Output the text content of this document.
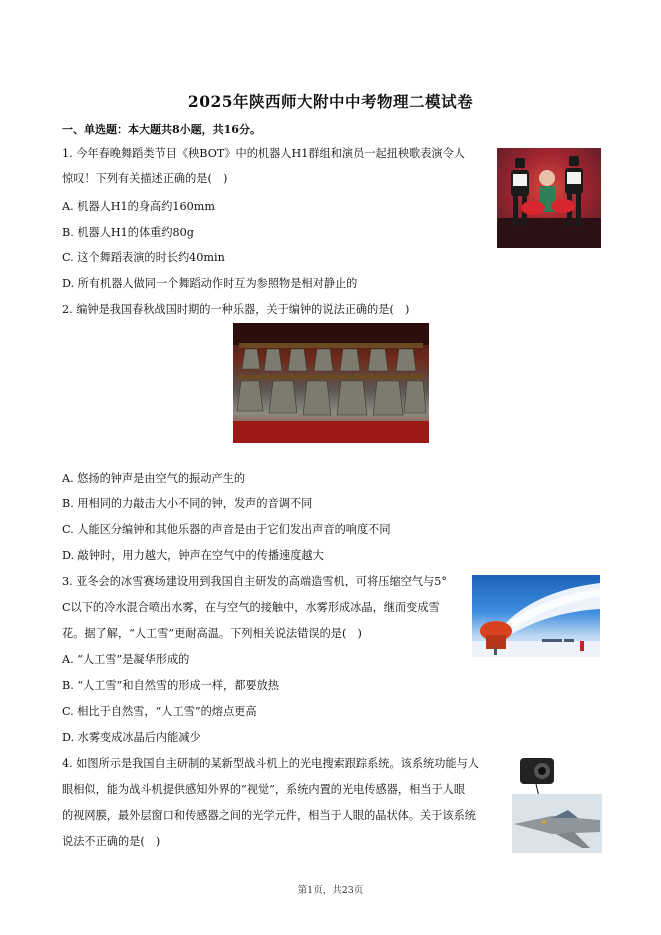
2025年陕西师大附中中考物理二模试卷
一、单选题：本大题共8小题，共16分。
1. 今年春晚舞蹈类节目《秧BOT》中的机器人H1群组和演员一起扭秧歌表演令人
惊叹！下列有关描述正确的是(　)
A. 机器人H1的身高约160mm
B. 机器人H1的体重约80g
C. 这个舞蹈表演的时长约40min
D. 所有机器人做同一个舞蹈动作时互为参照物是相对静止的
2. 编钟是我国春秋战国时期的一种乐器，关于编钟的说法正确的是(　)
A. 悠扬的钟声是由空气的振动产生的
B. 用相同的力敲击大小不同的钟，发声的音调不同
C. 人能区分编钟和其他乐器的声音是由于它们发出声音的响度不同
D. 敲钟时，用力越大，钟声在空气中的传播速度越大
3. 亚冬会的冰雪赛场建设用到我国自主研发的高端造雪机，可将压缩空气与5°
C以下的冷水混合喷出水雾，在与空气的接触中，水雾形成冰晶，继而变成雪
花。据了解，“人工雪”更耐高温。下列相关说法错误的是(　)
A. “人工雪”是凝华形成的
B. “人工雪”和自然雪的形成一样，都要放热
C. 相比于自然雪，“人工雪”的熔点更高
D. 水雾变成冰晶后内能减少
4. 如图所示是我国自主研制的某新型战斗机上的光电搜索跟踪系统。该系统功能与人
眼相似，能为战斗机提供感知外界的“视觉”，系统内置的光电传感器，相当于人眼
的视网膜，最外层窗口和传感器之间的光学元件，相当于人眼的晶状体。关于该系统
说法不正确的是(　)
第1页，共23页
